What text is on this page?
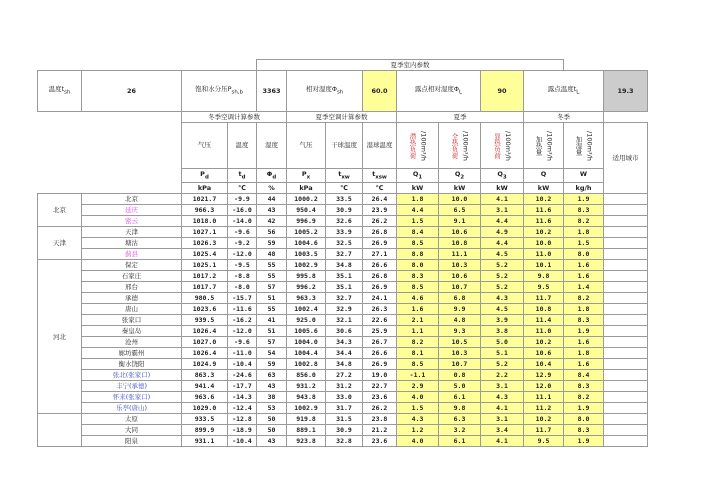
				夏季室内参数									
温度$t_{sh}$	26	饱和水分压$P_{sh,b}$		3363	相对湿度$\Phi_{sh}$		60.0	露点相对湿度$\Phi_L$		90	露点温度$t_L$		19.3
		冬季空调计算参数			夏季空调计算参数			夏季			冬季		
		气压	温度	湿度	气压	干球温度	湿球温度	潜热负荷 /100m³/h	全热负荷 /100m³/h	显热负荷 /100m³/h	加热量 /100m³/h	加湿量 /100m³/h	适用城市
		$P_d$	$t_d$	$\Phi_d$	$P_x$	$t_{xw}$	$t_{xsw}$	$Q_1$	$Q_2$	$Q_3$	Q	W	
		kPa	℃	%	kPa	℃	℃	kW	kW	kW	kW	kg/h	
北京	北京	1021.7	-9.9	44	1000.2	33.5	26.4	1.8	10.0	4.1	10.2	1.9	
	延庆	966.3	-16.0	43	950.4	30.9	23.9	4.4	6.5	3.1	11.6	8.3	
	密云	1018.0	-14.0	42	996.9	32.6	26.2	1.5	9.1	4.4	11.6	8.2	
天津	天津	1027.1	-9.6	56	1005.2	33.9	26.8	8.4	10.6	4.9	10.2	1.8	
	塘沽	1026.3	-9.2	59	1004.6	32.5	26.9	8.5	10.8	4.4	10.0	1.5	
	蓟县	1025.4	-12.0	48	1003.5	32.7	27.1	8.8	11.1	4.5	11.0	8.0	
河北	保定	1025.1	-9.5	55	1002.9	34.8	26.6	8.0	10.3	5.2	10.1	1.6	
	石家庄	1017.2	-8.8	55	995.8	35.1	26.8	8.3	10.6	5.2	9.8	1.6	
	邢台	1017.7	-8.0	57	996.2	35.1	26.9	8.5	10.7	5.2	9.5	1.4	
	承德	980.5	-15.7	51	963.3	32.7	24.1	4.6	6.8	4.3	11.7	8.2	
	唐山	1023.6	-11.6	55	1002.4	32.9	26.3	1.6	9.9	4.5	10.8	1.8	
	张家口	939.5	-16.2	41	925.0	32.1	22.6	2.1	4.8	3.9	11.4	8.3	
	秦皇岛	1026.4	-12.0	51	1005.6	30.6	25.9	1.1	9.3	3.8	11.0	1.9	
	沧州	1027.0	-9.6	57	1004.0	34.3	26.7	8.2	10.5	5.0	10.2	1.6	
	廊坊霸州	1026.4	-11.0	54	1004.4	34.4	26.6	8.1	10.3	5.1	10.6	1.8	
	衡水饶阳	1024.9	-10.4	59	1002.8	34.8	26.9	8.5	10.7	5.2	10.4	1.6	
	张北(张家口)	863.3	-24.6	63	856.0	27.2	19.0	-1.1	0.8	2.2	12.9	8.4	
	丰宁(承德)	941.4	-17.7	43	931.2	31.2	22.7	2.9	5.0	3.1	12.0	8.3	
	怀来(张家口)	963.6	-14.3	38	943.8	33.0	23.6	4.0	6.1	4.3	11.1	8.2	
	乐亭(唐山)	1029.0	-12.4	53	1002.9	31.7	26.2	1.5	9.8	4.1	11.2	1.9	
	太原	933.5	-12.8	50	919.8	31.5	23.8	4.3	6.3	3.1	10.2	8.0	
	大同	899.9	-18.9	50	889.1	30.9	21.2	1.2	3.2	3.4	11.7	8.3	
	阳泉	931.1	-10.4	43	923.8	32.8	23.6	4.0	6.1	4.1	9.5	1.9	
